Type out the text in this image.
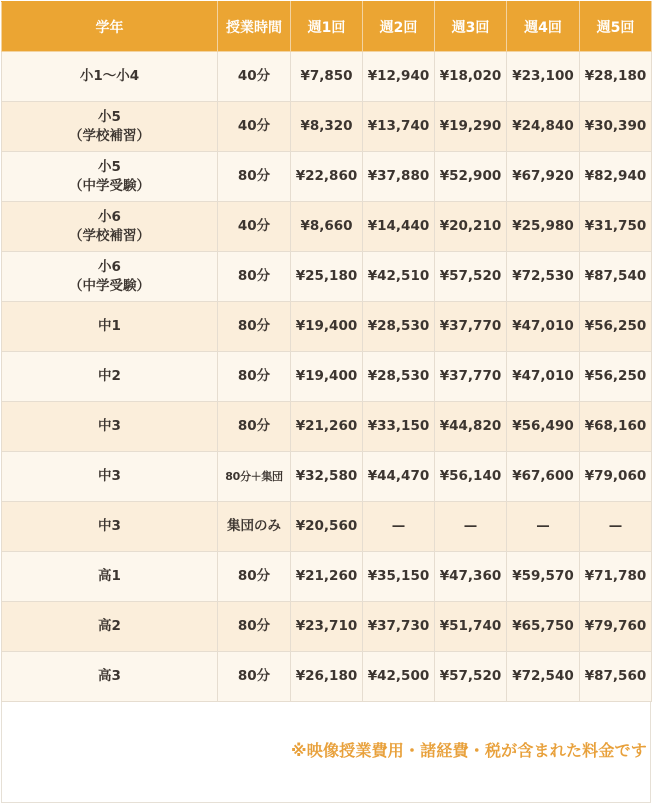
学年	授業時間	週1回	週2回	週3回	週4回	週5回

小1〜小4	40分	¥7,850	¥12,940	¥18,020	¥23,100	¥28,180

小5
（学校補習）	40分	¥8,320	¥13,740	¥19,290	¥24,840	¥30,390

小5
（中学受験）	80分	¥22,860	¥37,880	¥52,900	¥67,920	¥82,940

小6
（学校補習）	40分	¥8,660	¥14,440	¥20,210	¥25,980	¥31,750

小6
（中学受験）	80分	¥25,180	¥42,510	¥57,520	¥72,530	¥87,540

中1	80分	¥19,400	¥28,530	¥37,770	¥47,010	¥56,250

中2	80分	¥19,400	¥28,530	¥37,770	¥47,010	¥56,250

中3	80分	¥21,260	¥33,150	¥44,820	¥56,490	¥68,160

中3	80分＋集団	¥32,580	¥44,470	¥56,140	¥67,600	¥79,060

中3	集団のみ	¥20,560	—	—	—	—

高1	80分	¥21,260	¥35,150	¥47,360	¥59,570	¥71,780

高2	80分	¥23,710	¥37,730	¥51,740	¥65,750	¥79,760

高3	80分	¥26,180	¥42,500	¥57,520	¥72,540	¥87,560
※映像授業費用・諸経費・税が含まれた料金です
